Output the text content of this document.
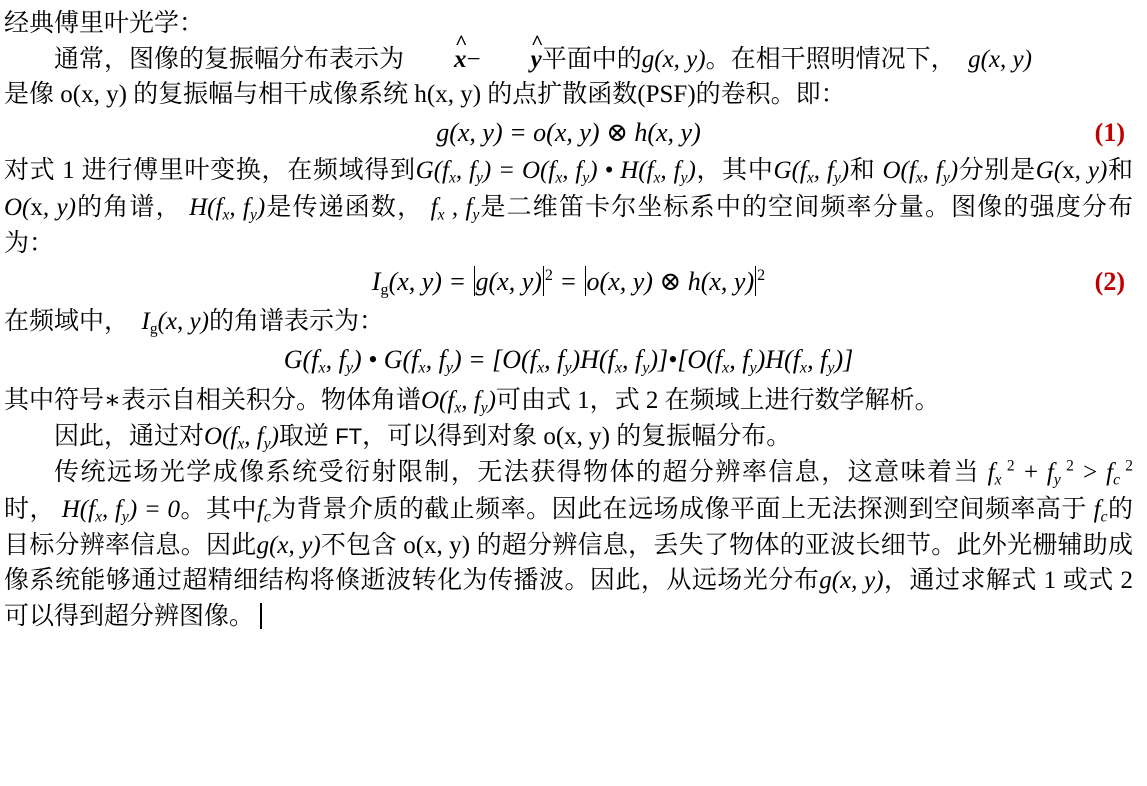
经典傅里叶光学：

通常，图像的复振幅分布表示为 ^ x− ^ y平面中的g(x, y)。在相干照明情况下， g(x, y)
是像 o(x, y) 的复振幅与相干成像系统 h(x, y) 的点扩散函数(PSF)的卷积。即：

g(x, y) = o(x, y) ⊗ h(x, y)	(1)

对式 1 进行傅里叶变换，在频域得到$G(f_x$, $f_y) = O(f_x$, $f_y$) • $H(f_x$, $f_y$)，其中$G(f_x$, $f_y$)和 $O(f_x$, $f_y$)分别是G(x, y)和O(x, y)的角谱， $H(f_x$, $f_y$)是传递函数， $f_x$ , $f_y$是二维笛卡尔坐标系中的空间频率分量。图像的强度分布为：

$I_g(x$, y) = g(x, y) $^2$ = o(x, y) ⊗ h(x, y) $^2$	(2)

在频域中， $I_g(x$, y)的角谱表示为：

$G(f_x$, $f_y$) • $G(f_x$, $f_y) = [O(f_x$, $f_y)H(f_x$, $f_y)]•[O(f_x$, $f_y)H(f_x$, $f_y$)]

其中符号∗表示自相关积分。物体角谱$O(f_x$, $f_y$)可由式 1，式 2 在频域上进行数学解析。

因此，通过对$O(f_x$, $f_y$)取逆 FT，可以得到对象 o(x, y) 的复振幅分布。

传统远场光学成像系统受衍射限制，无法获得物体的超分辨率信息，这意味着当 $f_x$ $^2 + f_y$ $^2 > f_c$ $^2$时， $H(f_x$, $f_y) = 0$。其中$f_c$为背景介质的截止频率。因此在远场成像平面上无法探测到空间频率高于 $f_c$的目标分辨率信息。因此g(x, y)不包含 o(x, y) 的超分辨信息，丢失了物体的亚波长细节。此外光栅辅助成像系统能够通过超精细结构将倏逝波转化为传播波。因此，从远场光分布g(x, y)，通过求解式 1 或式 2 可以得到超分辨图像。
